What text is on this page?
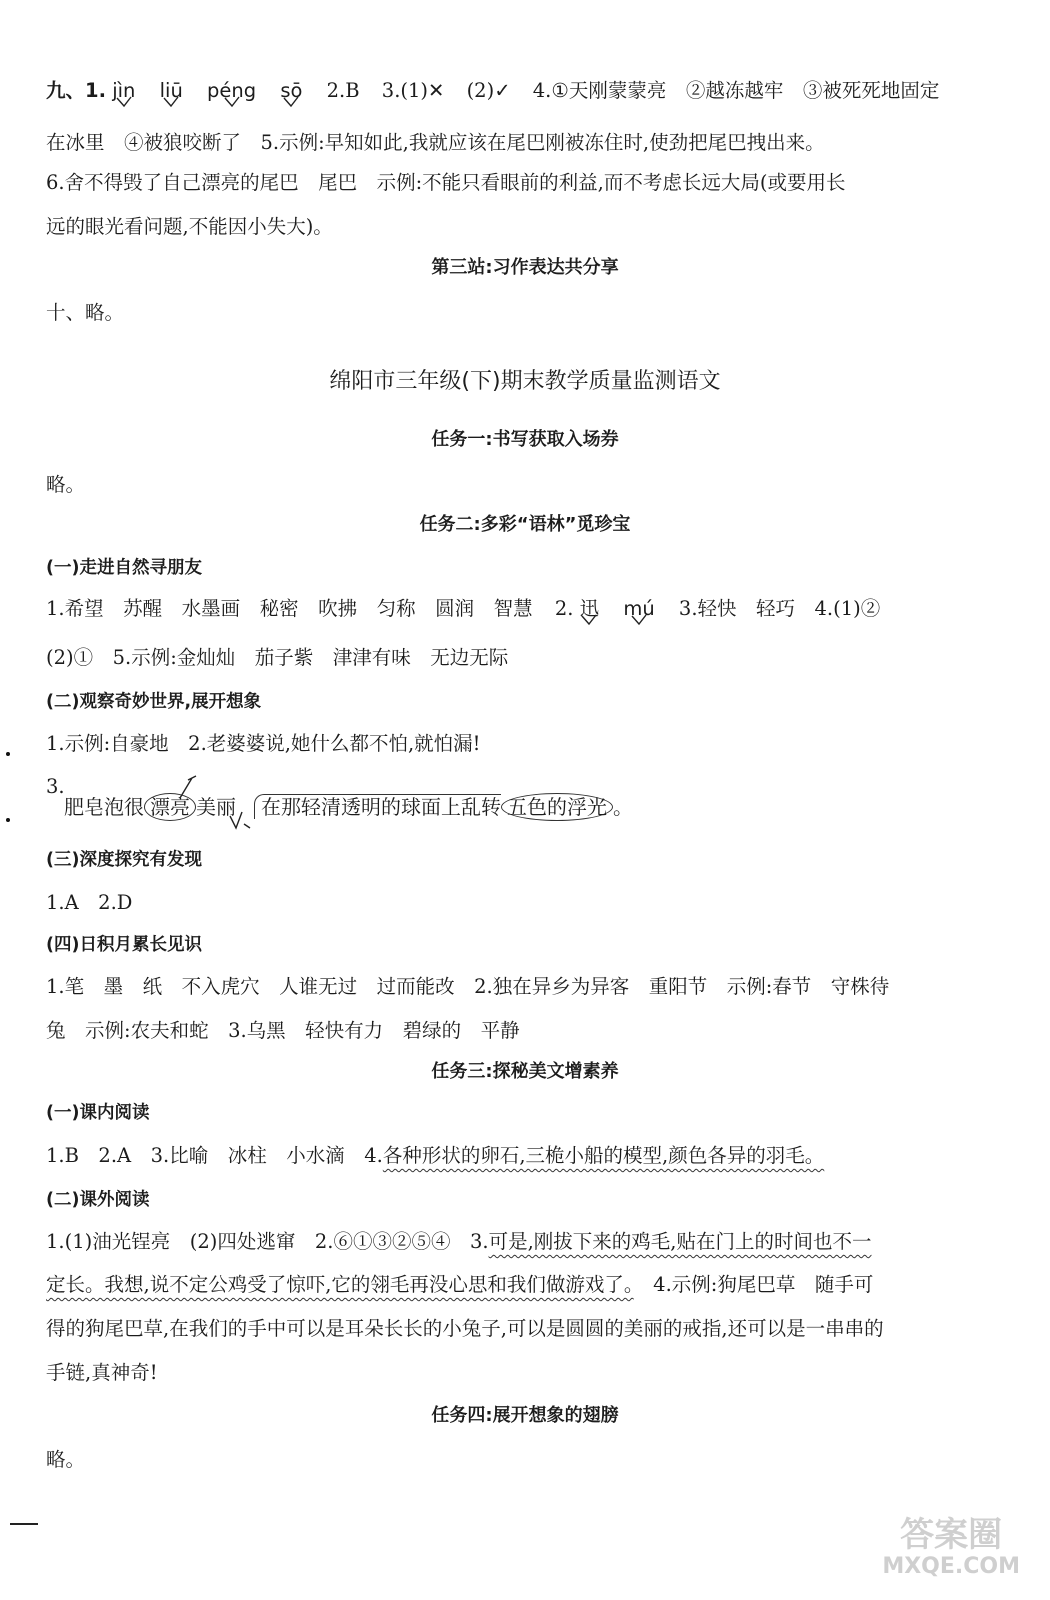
九、1. jìn liū péng sō 2.B 3.(1)✕ (2)✓ 4.①天刚蒙蒙亮　②越冻越牢　③被死死地固定
在冰里　④被狼咬断了　5.示例:早知如此,我就应该在尾巴刚被冻住时,使劲把尾巴拽出来。
6.舍不得毁了自己漂亮的尾巴　尾巴　示例:不能只看眼前的利益,而不考虑长远大局(或要用长
远的眼光看问题,不能因小失大)。
第三站:习作表达共分享
十、略。
绵阳市三年级(下)期末教学质量监测语文
任务一:书写获取入场券
略。
任务二:多彩“语林”觅珍宝
(一)走进自然寻朋友
1.希望　苏醒　水墨画　秘密　吹拂　匀称　圆润　智慧 2. 迅 mú 3.轻快　轻巧　4.(1)②
(2)①　5.示例:金灿灿　茄子紫　津津有味　无边无际
(二)观察奇妙世界,展开想象
1.示例:自豪地　2.老婆婆说,她什么都不怕,就怕漏!
3.
肥皂泡很 漂亮 美丽 在那轻清透明的球面上乱转 五色的浮光 。
(三)深度探究有发现
1.A　2.D
(四)日积月累长见识
1.笔　墨　纸　不入虎穴　人谁无过　过而能改　2.独在异乡为异客　重阳节　示例:春节　守株待
兔　示例:农夫和蛇　3.乌黑　轻快有力　碧绿的　平静
任务三:探秘美文增素养
(一)课内阅读
1.B　2.A　3.比喻　冰柱　小水滴　4.各种形状的卵石,三桅小船的模型,颜色各异的羽毛。
(二)课外阅读
1.(1)油光锃亮　(2)四处逃窜　2.⑥①③②⑤④　3.可是,刚拔下来的鸡毛,贴在门上的时间也不一
定长。我想,说不定公鸡受了惊吓,它的翎毛再没心思和我们做游戏了。　4.示例:狗尾巴草　随手可
得的狗尾巴草,在我们的手中可以是耳朵长长的小兔子,可以是圆圆的美丽的戒指,还可以是一串串的
手链,真神奇!
任务四:展开想象的翅膀
略。
答案圈
MXQE.COM
